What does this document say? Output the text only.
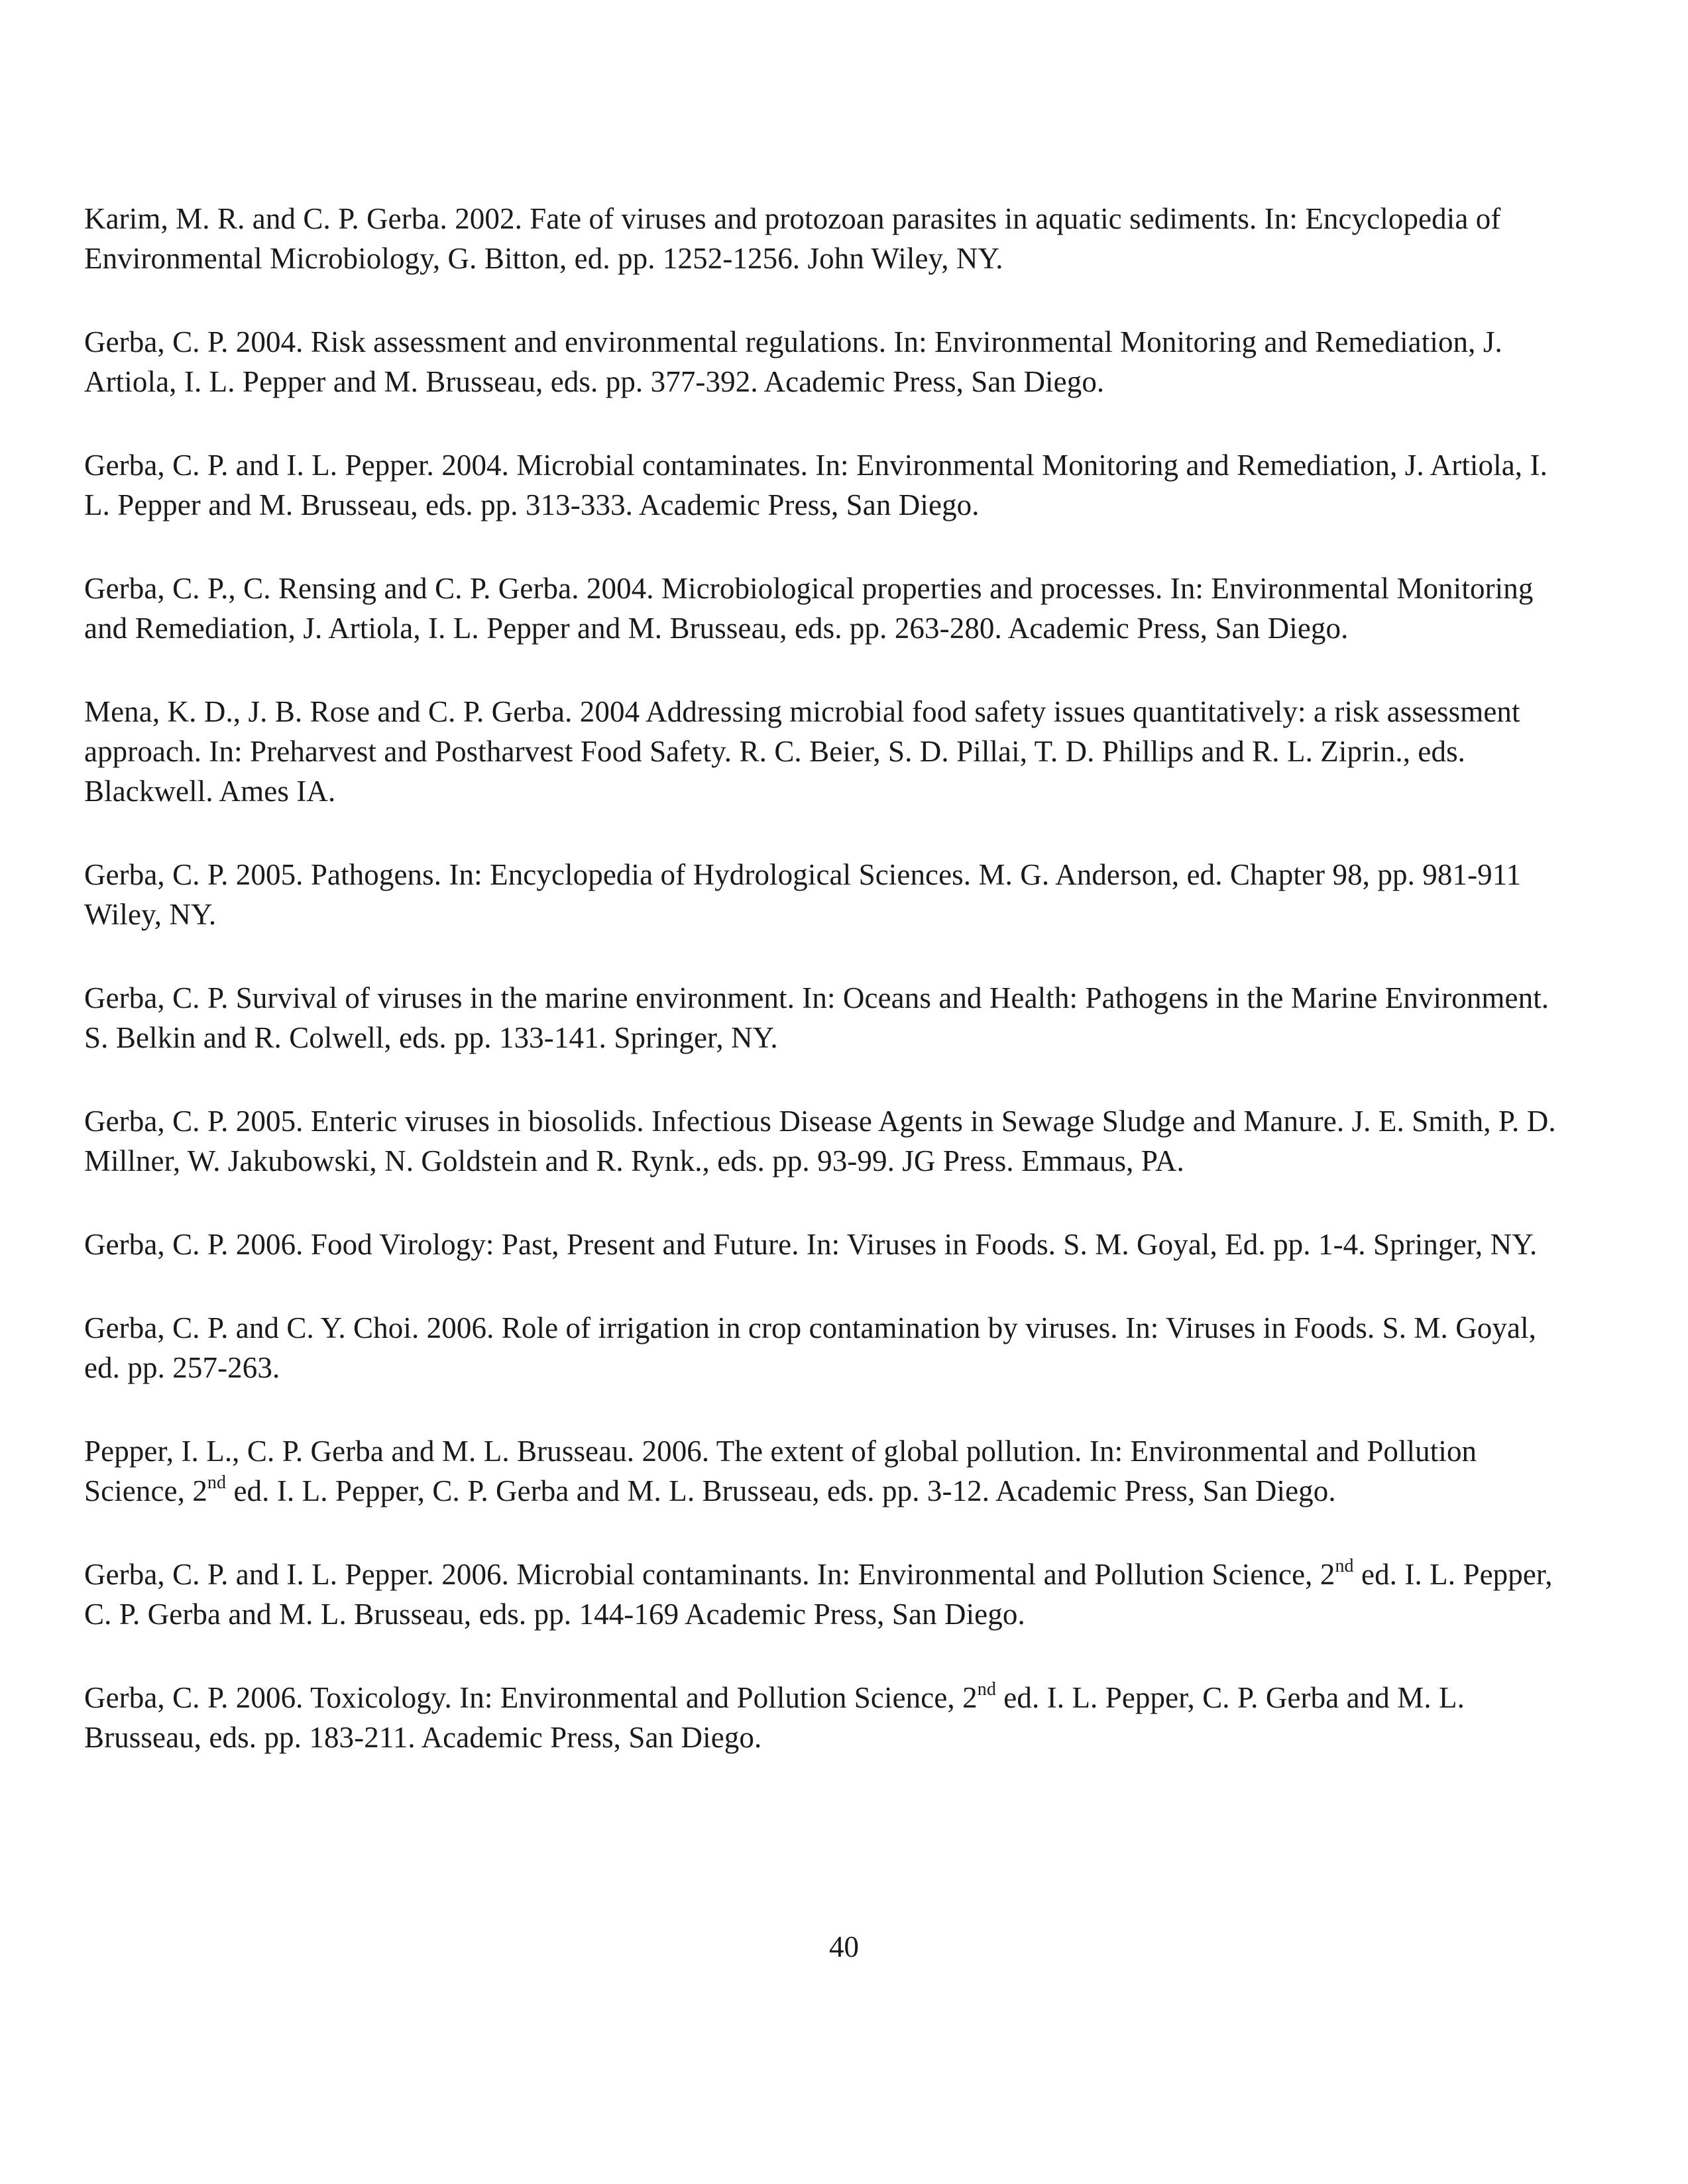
Karim, M. R. and C. P. Gerba. 2002. Fate of viruses and protozoan parasites in aquatic sediments. In: Encyclopedia of Environmental Microbiology, G. Bitton, ed. pp. 1252-1256. John Wiley, NY.
Gerba, C. P. 2004. Risk assessment and environmental regulations. In: Environmental Monitoring and Remediation, J. Artiola, I. L. Pepper and M. Brusseau, eds. pp. 377-392. Academic Press, San Diego.
Gerba, C. P. and I. L. Pepper. 2004. Microbial contaminates. In: Environmental Monitoring and Remediation, J. Artiola, I. L. Pepper and M. Brusseau, eds. pp. 313-333. Academic Press, San Diego.
Gerba, C. P., C. Rensing and C. P. Gerba. 2004. Microbiological properties and processes. In: Environmental Monitoring and Remediation, J. Artiola, I. L. Pepper and M. Brusseau, eds. pp. 263-280. Academic Press, San Diego.
Mena, K. D., J. B. Rose and C. P. Gerba. 2004 Addressing microbial food safety issues quantitatively: a risk assessment approach. In: Preharvest and Postharvest Food Safety. R. C. Beier, S. D. Pillai, T. D. Phillips and R. L. Ziprin., eds. Blackwell. Ames IA.
Gerba, C. P. 2005. Pathogens. In: Encyclopedia of Hydrological Sciences. M. G. Anderson, ed. Chapter 98, pp. 981-911 Wiley, NY.
Gerba, C. P. Survival of viruses in the marine environment. In: Oceans and Health: Pathogens in the Marine Environment. S. Belkin and R. Colwell, eds. pp. 133-141. Springer, NY.
Gerba, C. P. 2005. Enteric viruses in biosolids. Infectious Disease Agents in Sewage Sludge and Manure. J. E. Smith, P. D. Millner, W. Jakubowski, N. Goldstein and R. Rynk., eds. pp. 93-99. JG Press. Emmaus, PA.
Gerba, C. P. 2006. Food Virology: Past, Present and Future. In: Viruses in Foods. S. M. Goyal, Ed. pp. 1-4. Springer, NY.
Gerba, C. P. and C. Y. Choi. 2006. Role of irrigation in crop contamination by viruses. In: Viruses in Foods. S. M. Goyal, ed. pp. 257-263.
Pepper, I. L., C. P. Gerba and M. L. Brusseau. 2006. The extent of global pollution. In: Environmental and Pollution Science, 2nd ed. I. L. Pepper, C. P. Gerba and M. L. Brusseau, eds. pp. 3-12. Academic Press, San Diego.
Gerba, C. P. and I. L. Pepper. 2006. Microbial contaminants. In: Environmental and Pollution Science, 2nd ed. I. L. Pepper, C. P. Gerba and M. L. Brusseau, eds. pp. 144-169 Academic Press, San Diego.
Gerba, C. P. 2006. Toxicology. In: Environmental and Pollution Science, 2nd ed. I. L. Pepper, C. P. Gerba and M. L. Brusseau, eds. pp. 183-211. Academic Press, San Diego.
40
